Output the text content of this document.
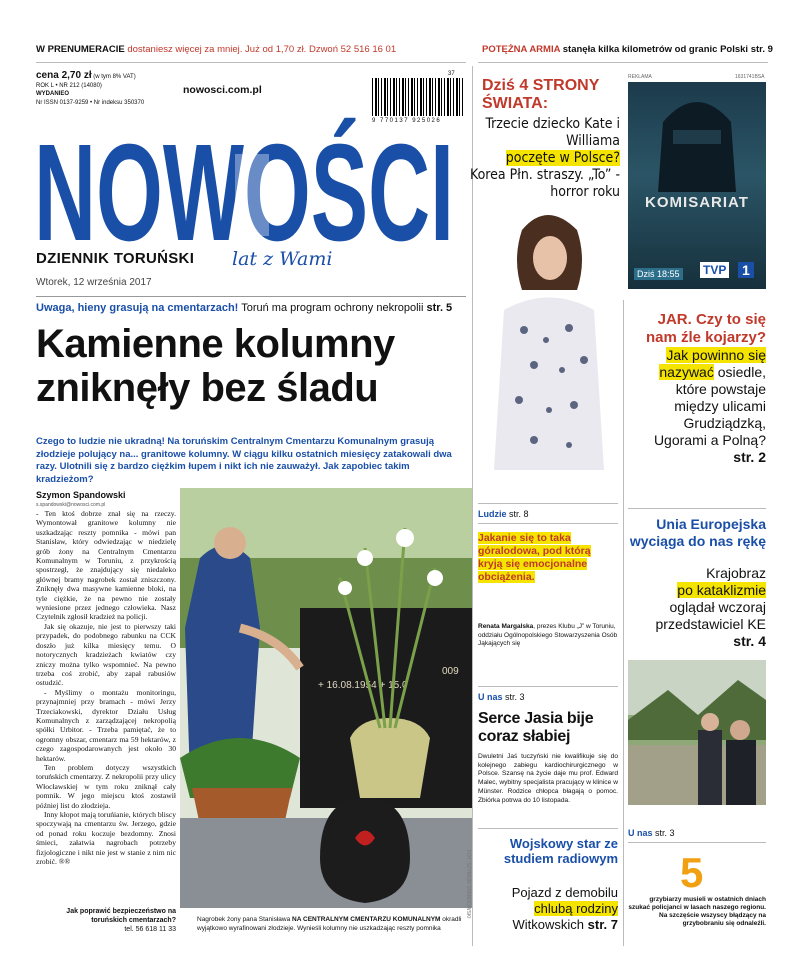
W PRENUMERACIE dostaniesz więcej za mniej. Już od 1,70 zł. Dzwoń 52 516 16 01	POTĘŻNA ARMIA stanęła kilka kilometrów od granic Polski str. 9
cena 2,70 zł (w tym 8% VAT)
ROK L • NR 212 (14080)
WYDANIEO
Nr ISSN 0137-9259 • Nr indeksu 350370
nowosci.com.pl
37
9 770137 925026
NOWOŚCI
DZIENNIK TORUŃSKI lat z Wami
Wtorek, 12 września 2017
Uwaga, hieny grasują na cmentarzach! Toruń ma program ochrony nekropolii str. 5
Kamienne kolumny zniknęły bez śladu
Czego to ludzie nie ukradną! Na toruńskim Centralnym Cmentarzu Komunalnym grasują złodzieje polujący na... granitowe kolumny. W ciągu kilku ostatnich miesięcy zatakowali dwa razy. Ulotnili się z bardzo ciężkim łupem i nikt ich nie zauważył. Jak zapobiec takim kradzieżom?
Szymon Spandowski
s.spandowski@nowosci.com.pl

- Ten ktoś dobrze znał się na rzeczy. Wymontował granitowe kolumny nie uszkadzając reszty pomnika - mówi pan Stanisław, który odwiedzając w niedzielę grób żony na Centralnym Cmentarzu Komunalnym w Toruniu, z przykrością spostrzegł, że znajdujący się niedaleko głównej bramy nagrobek został zniszczony. Zniknęły dwa masywne kamienne bloki, na tyle ciężkie, że na pewno nie zostały wyniesione przez jednego człowieka. Nasz Czytelnik zgłosił kradzież na policji.

Jak się okazuje, nie jest to pierwszy taki przypadek, do podobnego rabunku na CCK doszło już kilka miesięcy temu. O notorycznych kradzieżach kwiatów czy zniczy można tylko wspomnieć. Na pewno trzeba coś zrobić, aby zapał rabusiów ostudzić.

- Myślimy o montażu monitoringu, przynajmniej przy bramach - mówi Jerzy Trzeciakowski, dyrektor Działu Usług Komunalnych z zarządzającej nekropolią spółki Urbitor. - Trzeba pamiętać, że to ogromny obszar, cmentarz ma 59 hektarów, z czego zagospodarowanych jest około 30 hektarów.

Ten problem dotyczy wszystkich toruńskich cmentarzy. Z nekropolii przy ulicy Włocławskiej w tym roku zniknął cały pomnik. W jego miejscu ktoś zostawił później list do złodzieja.

Inny kłopot mają toruńianie, których bliscy spoczywają na cmentarzu św. Jerzego, gdzie od ponad roku koczuje bezdomny. Znosi śmieci, załatwia nagrobach potrzeby fizjologiczne i nikt nie jest w stanie z nim nic zrobić. ®®

+ 16.08.1954 + 15.0
009
FOT. SZYMON SPANDOWSKI
Jak poprawić bezpieczeństwo na toruńskich cmentarzach?
tel. 56 618 11 33
Nagrobek żony pana Stanisława NA CENTRALNYM CMENTARZU KOMUNALNYM okradli wyjątkowo wyrafinowani złodzieje. Wynieśli kolumny nie uszkadzając reszty pomnika
Dziś 4 STRONY
ŚWIATA:
Trzecie dziecko Kate i Williama
poczęte w Polsce?
Korea Płn. straszy. „To” - horror roku
REKLAMA	1631741BSA
KOMISARIAT
Dziś 18:55 TVP 1
JAR. Czy to się nam źle kojarzy?
Jak powinno się nazywać osiedle, które powstaje między ulicami Grudziądzką, Ugorami a Polną?
str. 2
Unia Europejska wyciąga do nas rękę
Krajobraz
po kataklizmie
oglądał wczoraj przedstawiciel KE
str. 4
U nas str. 3
5
grzybiarzy musieli w ostatnich dniach szukać policjanci w lasach naszego regionu. Na szczęście wszyscy błądzący na grzybobraniu się odnaleźli.
Ludzie str. 8
Jakanie się to taka góralodowa, pod którą kryją się emocjonalne obciążenia.
Renata Margalska, prezes Klubu „J” w Toruniu, oddziału Ogólnopolskiego Stowarzyszenia Osób Jąkających się
U nas str. 3
Serce Jasia bije coraz słabiej
Dwuletni Jaś tuczyński nie kwalifikuje się do kolejnego zabiegu kardiochirurgicznego w Polsce. Szansę na życie daje mu prof. Edward Malec, wybitny specjalista pracujący w klinice w Münster. Rodzice chłopca błagają o pomoc. Zbiórka potrwa do 10 listopada.
Wojskowy star ze studiem radiowym
Pojazd z demobilu
chlubą rodziny
Witkowskich str. 7
